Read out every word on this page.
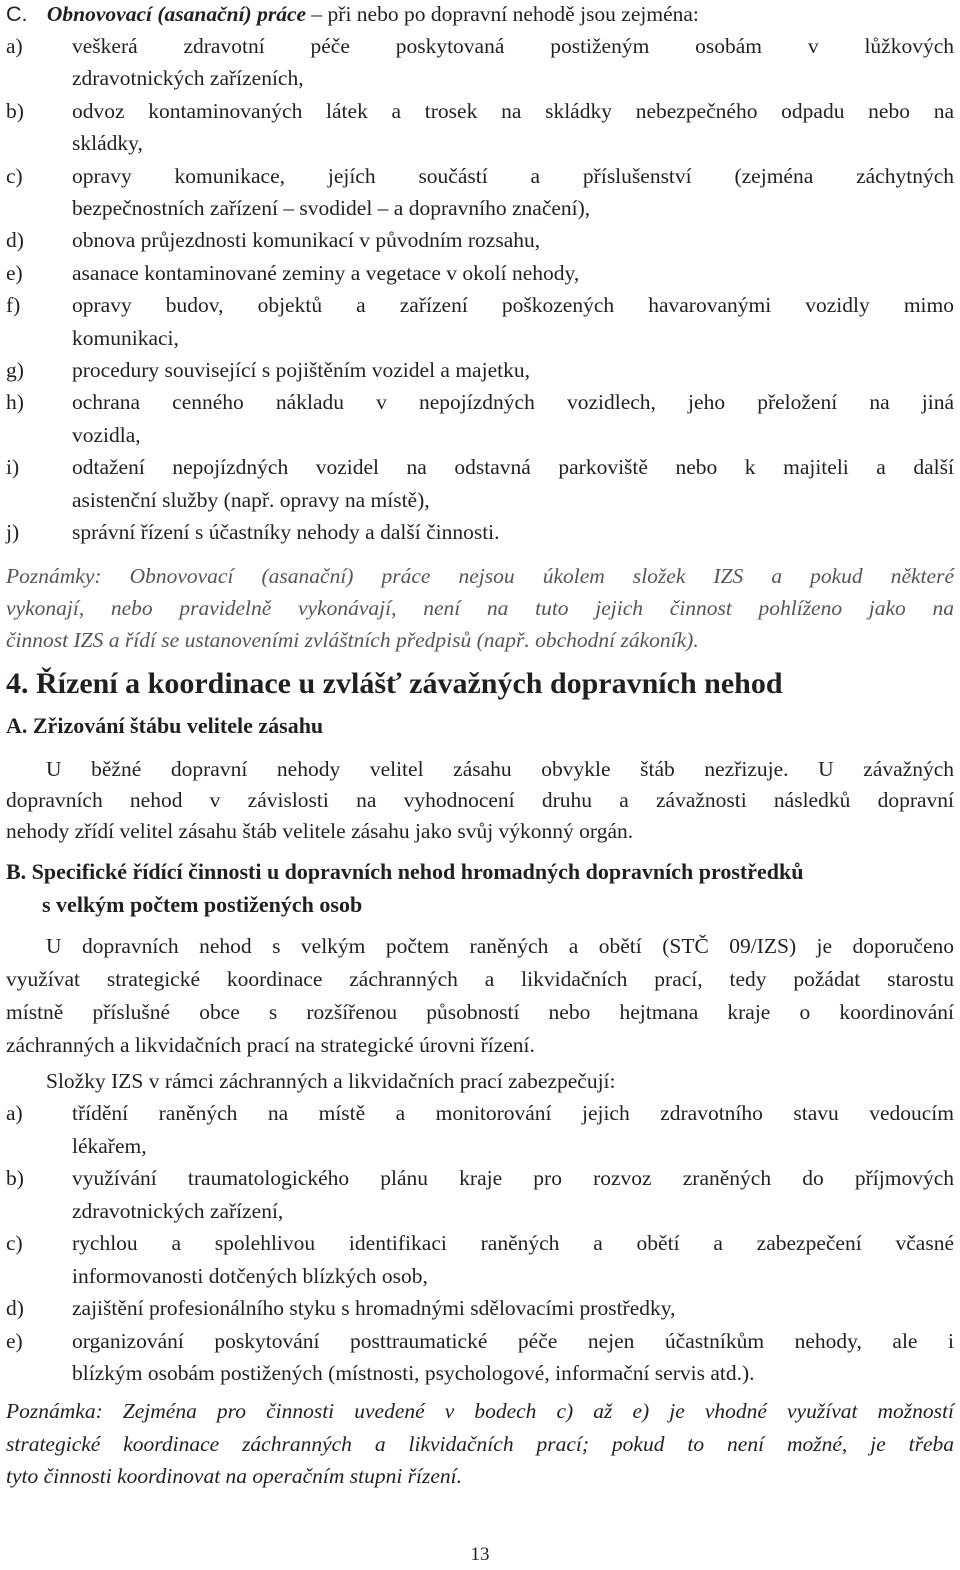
C. Obnovovací (asanační) práce – při nebo po dopravní nehodě jsou zejména:
a)	veškerá zdravotní péče poskytovaná postiženým osobám v lůžkových
zdravotnických zařízeních,
b)	odvoz kontaminovaných látek a trosek na skládky nebezpečného odpadu nebo na
skládky,
c)	opravy komunikace, jejích součástí a příslušenství (zejména záchytných
bezpečnostních zařízení – svodidel – a dopravního značení),
d)	obnova průjezdnosti komunikací v původním rozsahu,
e)	asanace kontaminované zeminy a vegetace v okolí nehody,
f)	opravy budov, objektů a zařízení poškozených havarovanými vozidly mimo
komunikaci,
g)	procedury související s pojištěním vozidel a majetku,
h)	ochrana cenného nákladu v nepojízdných vozidlech, jeho přeložení na jiná
vozidla,
i)	odtažení nepojízdných vozidel na odstavná parkoviště nebo k majiteli a další
asistenční služby (např. opravy na místě),
j)	správní řízení s účastníky nehody a další činnosti.
Poznámky: Obnovovací (asanační) práce nejsou úkolem složek IZS a pokud některé
vykonají, nebo pravidelně vykonávají, není na tuto jejich činnost pohlíženo jako na
činnost IZS a řídí se ustanoveními zvláštních předpisů (např. obchodní zákoník).
4. Řízení a koordinace u zvlášť závažných dopravních nehod
A. Zřizování štábu velitele zásahu
U běžné dopravní nehody velitel zásahu obvykle štáb nezřizuje. U závažných
dopravních nehod v závislosti na vyhodnocení druhu a závažnosti následků dopravní
nehody zřídí velitel zásahu štáb velitele zásahu jako svůj výkonný orgán.
B. Specifické řídící činnosti u dopravních nehod hromadných dopravních prostředků
s velkým počtem postižených osob
U dopravních nehod s velkým počtem raněných a obětí (STČ 09/IZS) je doporučeno
využívat strategické koordinace záchranných a likvidačních prací, tedy požádat starostu
místně příslušné obce s rozšířenou působností nebo hejtmana kraje o koordinování
záchranných a likvidačních prací na strategické úrovni řízení.
Složky IZS v rámci záchranných a likvidačních prací zabezpečují:
a)	třídění raněných na místě a monitorování jejich zdravotního stavu vedoucím
lékařem,
b)	využívání traumatologického plánu kraje pro rozvoz zraněných do příjmových
zdravotnických zařízení,
c)	rychlou a spolehlivou identifikaci raněných a obětí a zabezpečení včasné
informovanosti dotčených blízkých osob,
d)	zajištění profesionálního styku s hromadnými sdělovacími prostředky,
e)	organizování poskytování posttraumatické péče nejen účastníkům nehody, ale i
blízkým osobám postižených (místnosti, psychologové, informační servis atd.).
Poznámka: Zejména pro činnosti uvedené v bodech c) až e) je vhodné využívat možností
strategické koordinace záchranných a likvidačních prací; pokud to není možné, je třeba
tyto činnosti koordinovat na operačním stupni řízení.
13
